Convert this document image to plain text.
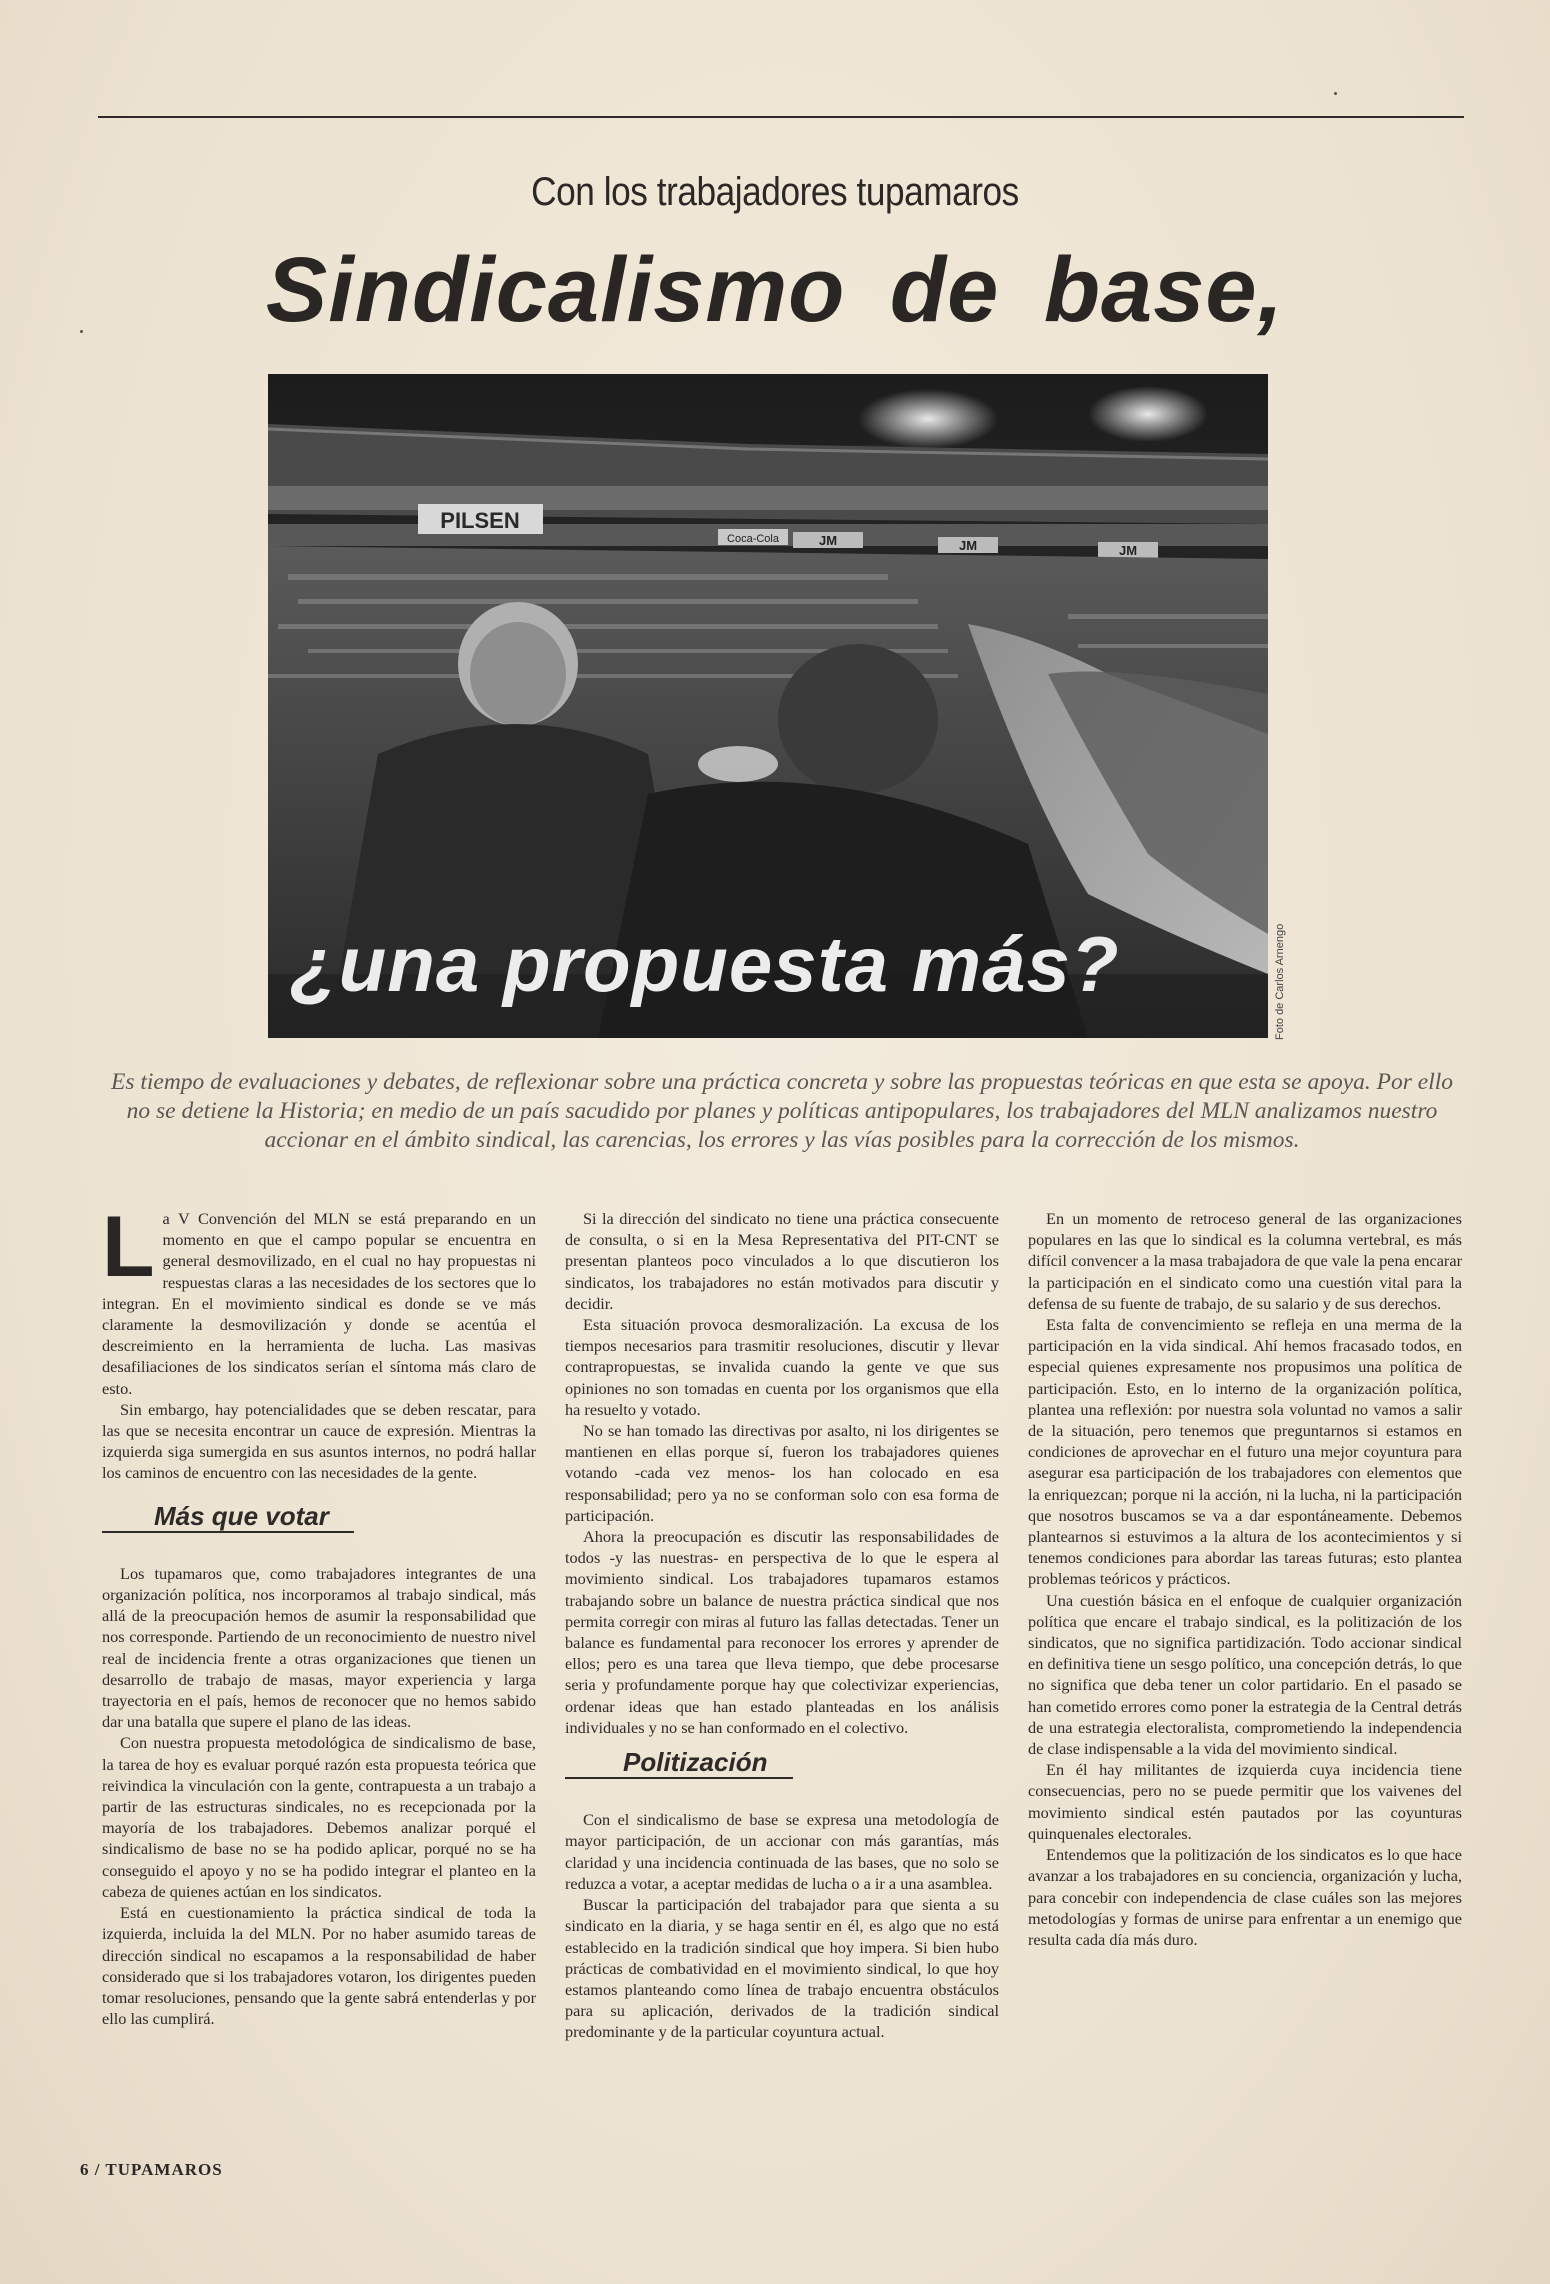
Con los trabajadores tupamaros
Sindicalismo de base,
PILSEN
Coca-Cola	JM	JM	JM
¿una propuesta más?	Foto de Carlos Arnengo
Es tiempo de evaluaciones y debates, de reflexionar sobre una práctica concreta y sobre las propuestas teóricas en que esta se apoya. Por ello no se detiene la Historia; en medio de un país sacudido por planes y políticas antipopulares, los trabajadores del MLN analizamos nuestro accionar en el ámbito sindical, las carencias, los errores y las vías posibles para la corrección de los mismos.
L a V Convención del MLN se está preparando en un momento en que el campo popular se encuentra en general desmovilizado, en el cual no hay propuestas ni respuestas claras a las necesidades de los sectores que lo integran. En el movimiento sindical es donde se ve más claramente la desmovilización y donde se acentúa el descreimiento en la herramienta de lucha. Las masivas desafiliaciones de los sindicatos serían el síntoma más claro de esto.

Sin embargo, hay potencialidades que se deben rescatar, para las que se necesita encontrar un cauce de expresión. Mientras la izquierda siga sumergida en sus asuntos internos, no podrá hallar los caminos de encuentro con las necesidades de la gente.

Más que votar

Los tupamaros que, como trabajadores integrantes de una organización política, nos incorporamos al trabajo sindical, más allá de la preocupación hemos de asumir la responsabilidad que nos corresponde. Partiendo de un reconocimiento de nuestro nivel real de incidencia frente a otras organizaciones que tienen un desarrollo de trabajo de masas, mayor experiencia y larga trayectoria en el país, hemos de reconocer que no hemos sabido dar una batalla que supere el plano de las ideas.

Con nuestra propuesta metodológica de sindicalismo de base, la tarea de hoy es evaluar porqué razón esta propuesta teórica que reivindica la vinculación con la gente, contrapuesta a un trabajo a partir de las estructuras sindicales, no es recepcionada por la mayoría de los trabajadores. Debemos analizar porqué el sindicalismo de base no se ha podido aplicar, porqué no se ha conseguido el apoyo y no se ha podido integrar el planteo en la cabeza de quienes actúan en los sindicatos.

Está en cuestionamiento la práctica sindical de toda la izquierda, incluida la del MLN. Por no haber asumido tareas de dirección sindical no escapamos a la responsabilidad de haber considerado que si los trabajadores votaron, los dirigentes pueden tomar resoluciones, pensando que la gente sabrá entenderlas y por ello las cumplirá.

Si la dirección del sindicato no tiene una práctica consecuente de consulta, o si en la Mesa Representativa del PIT-CNT se presentan planteos poco vinculados a lo que discutieron los sindicatos, los trabajadores no están motivados para discutir y decidir.

Esta situación provoca desmoralización. La excusa de los tiempos necesarios para trasmitir resoluciones, discutir y llevar contrapropuestas, se invalida cuando la gente ve que sus opiniones no son tomadas en cuenta por los organismos que ella ha resuelto y votado.

No se han tomado las directivas por asalto, ni los dirigentes se mantienen en ellas porque sí, fueron los trabajadores quienes votando -cada vez menos- los han colocado en esa responsabilidad; pero ya no se conforman solo con esa forma de participación.

Ahora la preocupación es discutir las responsabilidades de todos -y las nuestras- en perspectiva de lo que le espera al movimiento sindical. Los trabajadores tupamaros estamos trabajando sobre un balance de nuestra práctica sindical que nos permita corregir con miras al futuro las fallas detectadas. Tener un balance es fundamental para reconocer los errores y aprender de ellos; pero es una tarea que lleva tiempo, que debe procesarse seria y profundamente porque hay que colectivizar experiencias, ordenar ideas que han estado planteadas en los análisis individuales y no se han conformado en el colectivo.

Politización

Con el sindicalismo de base se expresa una metodología de mayor participación, de un accionar con más garantías, más claridad y una incidencia continuada de las bases, que no solo se reduzca a votar, a aceptar medidas de lucha o a ir a una asamblea.

Buscar la participación del trabajador para que sienta a su sindicato en la diaria, y se haga sentir en él, es algo que no está establecido en la tradición sindical que hoy impera. Si bien hubo prácticas de combatividad en el movimiento sindical, lo que hoy estamos planteando como línea de trabajo encuentra obstáculos para su aplicación, derivados de la tradición sindical predominante y de la particular coyuntura actual.

En un momento de retroceso general de las organizaciones populares en las que lo sindical es la columna vertebral, es más difícil convencer a la masa trabajadora de que vale la pena encarar la participación en el sindicato como una cuestión vital para la defensa de su fuente de trabajo, de su salario y de sus derechos.

Esta falta de convencimiento se refleja en una merma de la participación en la vida sindical. Ahí hemos fracasado todos, en especial quienes expresamente nos propusimos una política de participación. Esto, en lo interno de la organización política, plantea una reflexión: por nuestra sola voluntad no vamos a salir de la situación, pero tenemos que preguntarnos si estamos en condiciones de aprovechar en el futuro una mejor coyuntura para asegurar esa participación de los trabajadores con elementos que la enriquezcan; porque ni la acción, ni la lucha, ni la participación que nosotros buscamos se va a dar espontáneamente. Debemos plantearnos si estuvimos a la altura de los acontecimientos y si tenemos condiciones para abordar las tareas futuras; esto plantea problemas teóricos y prácticos.

Una cuestión básica en el enfoque de cualquier organización política que encare el trabajo sindical, es la politización de los sindicatos, que no significa partidización. Todo accionar sindical en definitiva tiene un sesgo político, una concepción detrás, lo que no significa que deba tener un color partidario. En el pasado se han cometido errores como poner la estrategia de la Central detrás de una estrategia electoralista, comprometiendo la independencia de clase indispensable a la vida del movimiento sindical.

En él hay militantes de izquierda cuya incidencia tiene consecuencias, pero no se puede permitir que los vaivenes del movimiento sindical estén pautados por las coyunturas quinquenales electorales.

Entendemos que la politización de los sindicatos es lo que hace avanzar a los trabajadores en su conciencia, organización y lucha, para concebir con independencia de clase cuáles son las mejores metodologías y formas de unirse para enfrentar a un enemigo que resulta cada día más duro.

6 / TUPAMAROS
